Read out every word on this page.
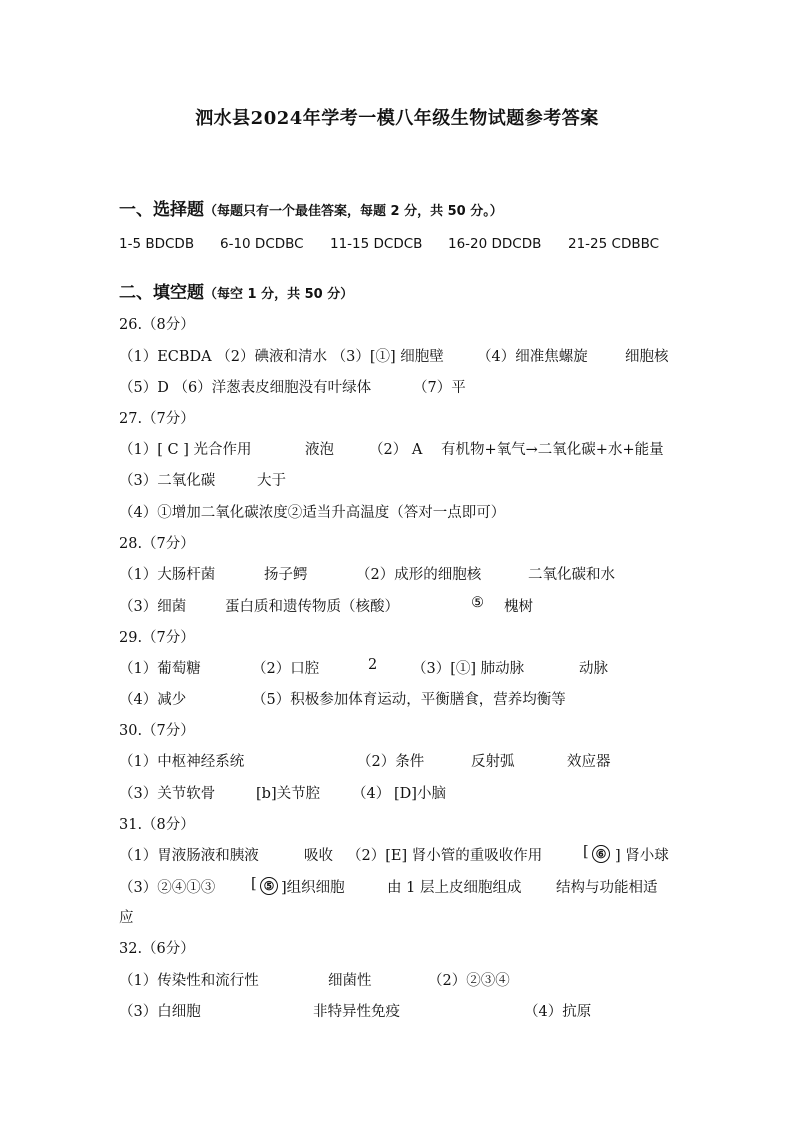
泗水县2024年学考一模八年级生物试题参考答案
一、选择题（每题只有一个最佳答案，每题 2 分，共 50 分。）
1-5 BDCDB 6-10 DCDBC 11-15 DCDCB 16-20 DDCDB 21-25 CDBBC
二、填空题（每空 1 分，共 50 分）
26.（8分）
（1）ECBDA （2）碘液和清水 （3）[①] 细胞壁 （4）细准焦螺旋	细胞核
（5）D （6）洋葱表皮细胞没有叶绿体	（7）平
27.（7分）
（1）[ C ] 光合作用	液泡 （2） A 有机物+氧气→二氧化碳+水+能量
（3）二氧化碳	大于
（4）①增加二氧化碳浓度②适当升高温度（答对一点即可）
28.（7分）
（1）大肠杆菌	扬子鳄	（2）成形的细胞核	二氧化碳和水
（3）细菌	蛋白质和遗传物质（核酸）	⑤ 槐树
29.（7分）
（1）葡萄糖	（2）口腔	2 （3）[①] 肺动脉	动脉
（4）减少	（5）积极参加体育运动，平衡膳食，营养均衡等
30.（7分）
（1）中枢神经系统	（2）条件	反射弧	效应器
（3）关节软骨	[b]关节腔 （4） [D]小脑
31.（8分）
（1）胃液肠液和胰液	吸收 （2）[E] 肾小管的重吸收作用	[ ⑥ ] 肾小球
（3）②④①③ [ ⑤ ]组织细胞	由 1 层上皮细胞组成 结构与功能相适
应
32.（6分）
（1）传染性和流行性	细菌性	（2）②③④
（3）白细胞	非特异性免疫	（4）抗原
